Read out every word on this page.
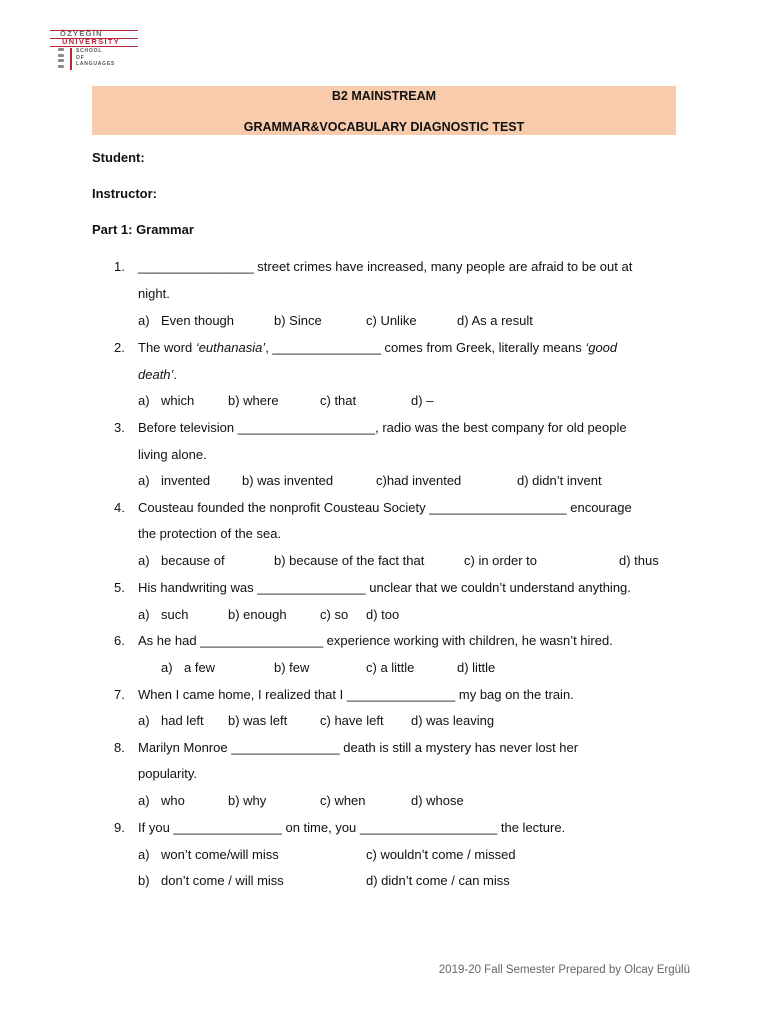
ÖZYEĞİN
UNIVERSITY
SCHOOL
OF
LANGUAGES
B2 MAINSTREAM
GRAMMAR&VOCABULARY DIAGNOSTIC TEST
Student:
Instructor:
Part 1: Grammar
1. ________________ street crimes have increased, many people are afraid to be out at
night.
a) Even though	b) Since	c) Unlike	d) As a result
2. The word ‘euthanasia’, _______________ comes from Greek, literally means ‘good
death’.
a) which	b) where	c) that	d) –
3. Before television ___________________, radio was the best company for old people
living alone.
a) invented b) was invented	c)had invented	d) didn’t invent
4. Cousteau founded the nonprofit Cousteau Society ___________________ encourage
the protection of the sea.
a) because of	b) because of the fact that	c) in order to	d) thus
5. His handwriting was _______________ unclear that we couldn’t understand anything.
a) such	b) enough	c) so d) too
6. As he had _________________ experience working with children, he wasn’t hired.
a) a few	b) few	c) a little	d) little
7. When I came home, I realized that I _______________ my bag on the train.
a) had left b) was left	c) have left d) was leaving
8. Marilyn Monroe _______________ death is still a mystery has never lost her
popularity.
a) who	b) why	c) when	d) whose
9. If you _______________ on time, you ___________________ the lecture.
a) won’t come/will miss	c) wouldn’t come / missed
b) don’t come / will miss	d) didn’t come / can miss
2019-20 Fall Semester Prepared by Olcay Ergülü
